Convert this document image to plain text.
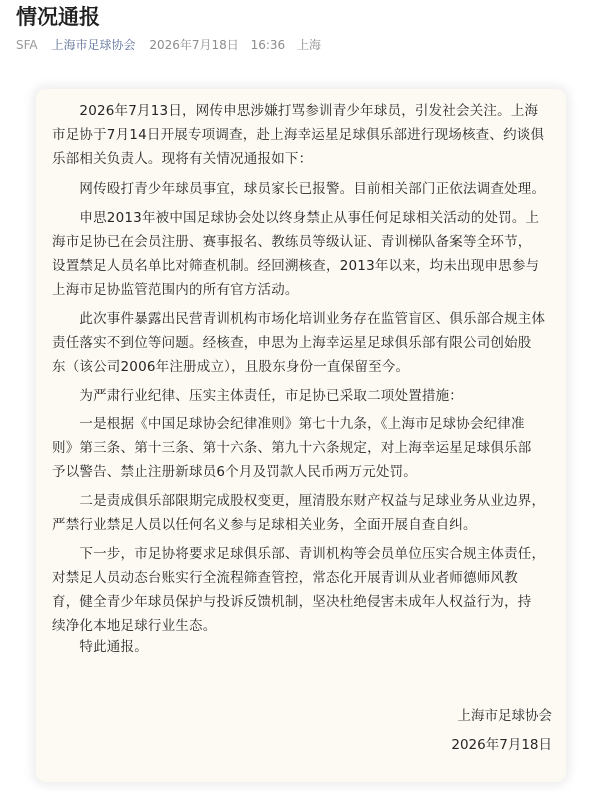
情况通报
SFA 上海市足球协会 2026年7月18日 16:36 上海

　　2026年7月13日，网传申思涉嫌打骂参训青少年球员，引发社会关注。上海
市足协于7月14日开展专项调查，赴上海幸运星足球俱乐部进行现场核查、约谈俱
乐部相关负责人。现将有关情况通报如下：

　　网传殴打青少年球员事宜，球员家长已报警。目前相关部门正依法调查处理。

　　申思2013年被中国足球协会处以终身禁止从事任何足球相关活动的处罚。上
海市足协已在会员注册、赛事报名、教练员等级认证、青训梯队备案等全环节，
设置禁足人员名单比对筛查机制。经回溯核查，2013年以来，均未出现申思参与
上海市足协监管范围内的所有官方活动。

　　此次事件暴露出民营青训机构市场化培训业务存在监管盲区、俱乐部合规主体
责任落实不到位等问题。经核查，申思为上海幸运星足球俱乐部有限公司创始股
东（该公司2006年注册成立），且股东身份一直保留至今。

　　为严肃行业纪律、压实主体责任，市足协已采取二项处置措施：

　　一是根据《中国足球协会纪律准则》第七十九条，《上海市足球协会纪律准
则》第三条、第十三条、第十六条、第九十六条规定，对上海幸运星足球俱乐部
予以警告、禁止注册新球员6个月及罚款人民币两万元处罚。

　　二是责成俱乐部限期完成股权变更，厘清股东财产权益与足球业务从业边界，
严禁行业禁足人员以任何名义参与足球相关业务，全面开展自查自纠。

　　下一步，市足协将要求足球俱乐部、青训机构等会员单位压实合规主体责任，
对禁足人员动态台账实行全流程筛查管控，常态化开展青训从业者师德师风教
育，健全青少年球员保护与投诉反馈机制，坚决杜绝侵害未成年人权益行为，持
续净化本地足球行业生态。

　　特此通报。

上海市足球协会
2026年7月18日
